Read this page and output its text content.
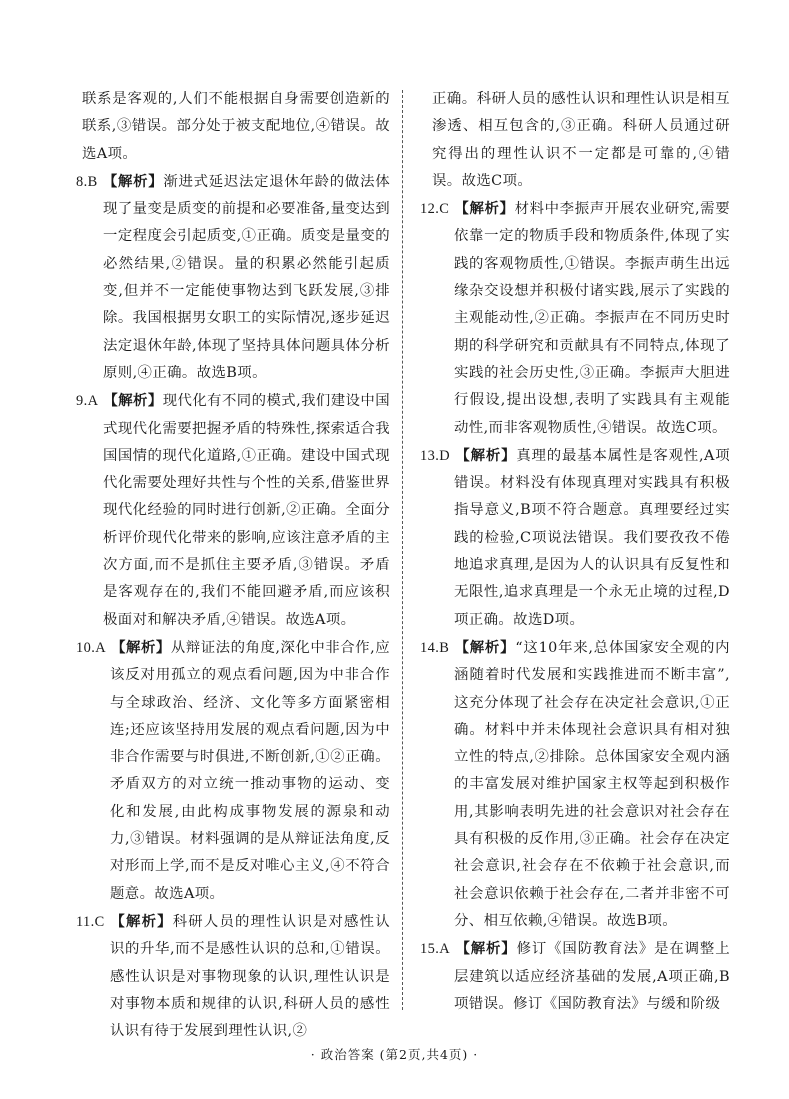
联系是客观的,人们不能根据自身需要创造新的联系,③错误。部分处于被支配地位,④错误。故选A项。

8.B 【解析】渐进式延迟法定退休年龄的做法体现了量变是质变的前提和必要准备,量变达到一定程度会引起质变,①正确。质变是量变的必然结果,②错误。量的积累必然能引起质变,但并不一定能使事物达到飞跃发展,③排除。我国根据男女职工的实际情况,逐步延迟法定退休年龄,体现了坚持具体问题具体分析原则,④正确。故选B项。

9.A 【解析】现代化有不同的模式,我们建设中国式现代化需要把握矛盾的特殊性,探索适合我国国情的现代化道路,①正确。建设中国式现代化需要处理好共性与个性的关系,借鉴世界现代化经验的同时进行创新,②正确。全面分析评价现代化带来的影响,应该注意矛盾的主次方面,而不是抓住主要矛盾,③错误。矛盾是客观存在的,我们不能回避矛盾,而应该积极面对和解决矛盾,④错误。故选A项。

10.A 【解析】从辩证法的角度,深化中非合作,应该反对用孤立的观点看问题,因为中非合作与全球政治、经济、文化等多方面紧密相连;还应该坚持用发展的观点看问题,因为中非合作需要与时俱进,不断创新,①②正确。矛盾双方的对立统一推动事物的运动、变化和发展,由此构成事物发展的源泉和动力,③错误。材料强调的是从辩证法角度,反对形而上学,而不是反对唯心主义,④不符合题意。故选A项。

11.C 【解析】科研人员的理性认识是对感性认识的升华,而不是感性认识的总和,①错误。感性认识是对事物现象的认识,理性认识是对事物本质和规律的认识,科研人员的感性认识有待于发展到理性认识,②

正确。科研人员的感性认识和理性认识是相互渗透、相互包含的,③正确。科研人员通过研究得出的理性认识不一定都是可靠的,④错误。故选C项。

12.C 【解析】材料中李振声开展农业研究,需要依靠一定的物质手段和物质条件,体现了实践的客观物质性,①错误。李振声萌生出远缘杂交设想并积极付诸实践,展示了实践的主观能动性,②正确。李振声在不同历史时期的科学研究和贡献具有不同特点,体现了实践的社会历史性,③正确。李振声大胆进行假设,提出设想,表明了实践具有主观能动性,而非客观物质性,④错误。故选C项。

13.D 【解析】真理的最基本属性是客观性,A项错误。材料没有体现真理对实践具有积极指导意义,B项不符合题意。真理要经过实践的检验,C项说法错误。我们要孜孜不倦地追求真理,是因为人的认识具有反复性和无限性,追求真理是一个永无止境的过程,D项正确。故选D项。

14.B 【解析】“这10年来,总体国家安全观的内涵随着时代发展和实践推进而不断丰富”,这充分体现了社会存在决定社会意识,①正确。材料中并未体现社会意识具有相对独立性的特点,②排除。总体国家安全观内涵的丰富发展对维护国家主权等起到积极作用,其影响表明先进的社会意识对社会存在具有积极的反作用,③正确。社会存在决定社会意识,社会存在不依赖于社会意识,而社会意识依赖于社会存在,二者并非密不可分、相互依赖,④错误。故选B项。

15.A 【解析】修订《国防教育法》是在调整上层建筑以适应经济基础的发展,A项正确,B项错误。修订《国防教育法》与缓和阶级

· 政治答案 (第2页,共4页) ·
